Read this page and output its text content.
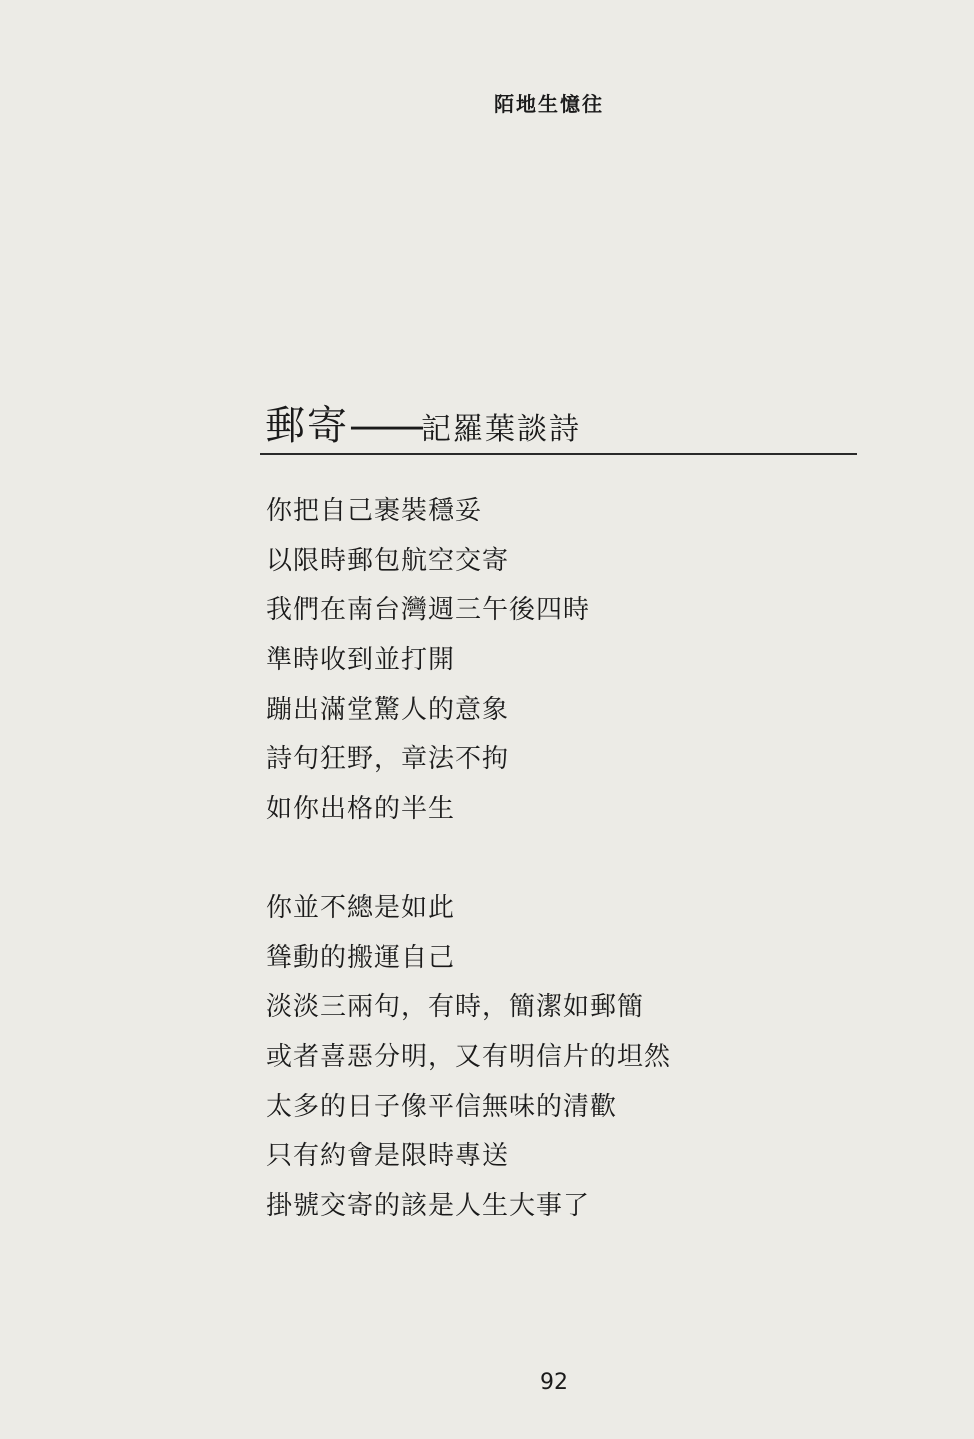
陌地生憶往
郵寄——記羅葉談詩
你把自己裹裝穩妥
以限時郵包航空交寄
我們在南台灣週三午後四時
準時收到並打開
蹦出滿堂驚人的意象
詩句狂野，章法不拘
如你出格的半生
你並不總是如此
聳動的搬運自己
淡淡三兩句，有時，簡潔如郵簡
或者喜惡分明，又有明信片的坦然
太多的日子像平信無味的清歡
只有約會是限時專送
掛號交寄的該是人生大事了
92
